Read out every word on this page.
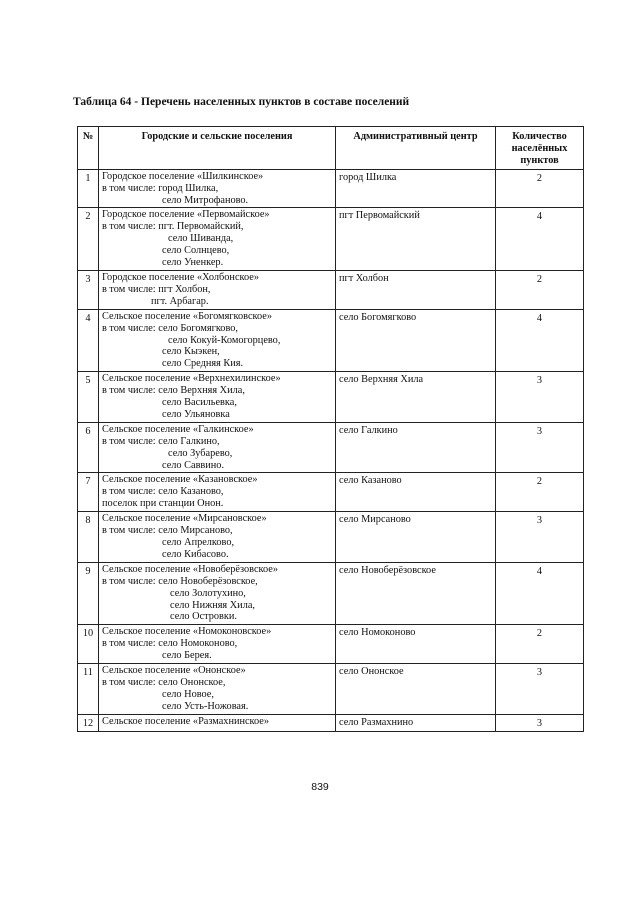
Таблица 64 - Перечень населенных пунктов в составе поселений
№	Городские и сельские поселения	Административный центр	Количество населённых пунктов
1	Городское поселение «Шилкинское»
в том числе: город Шилка,
село Митрофаново.	город Шилка	2
2	Городское поселение «Первомайское»
в том числе: пгт. Первомайский,
село Шиванда,
село Солнцево,
село Уненкер.	пгт Первомайский	4
3	Городское поселение «Холбонское»
в том числе: пгт Холбон,
пгт. Арбагар.	пгт Холбон	2
4	Сельское поселение «Богомягковское»
в том числе: село Богомягково,
село Кокуй-Комогорцево,
село Кыэкен,
село Средняя Кия.	село Богомягково	4
5	Сельское поселение «Верхнехилинское»
в том числе: село Верхняя Хила,
село Васильевка,
село Ульяновка	село Верхняя Хила	3
6	Сельское поселение «Галкинское»
в том числе: село Галкино,
село Зубарево,
село Саввино.	село Галкино	3
7	Сельское поселение «Казановское»
в том числе: село Казаново,
поселок при станции Онон.	село Казаново	2
8	Сельское поселение «Мирсановское»
в том числе: село Мирсаново,
село Апрелково,
село Кибасово.	село Мирсаново	3
9	Сельское поселение «Новоберёзовское»
в том числе: село Новоберёзовское,
село Золотухино,
село Нижняя Хила,
село Островки.	село Новоберёзовское	4
10	Сельское поселение «Номоконовское»
в том числе: село Номоконово,
село Берея.	село Номоконово	2
11	Сельское поселение «Ононское»
в том числе: село Ононское,
село Новое,
село Усть-Ножовая.	село Ононское	3
12	Сельское поселение «Размахнинское»	село Размахнино	3
839
